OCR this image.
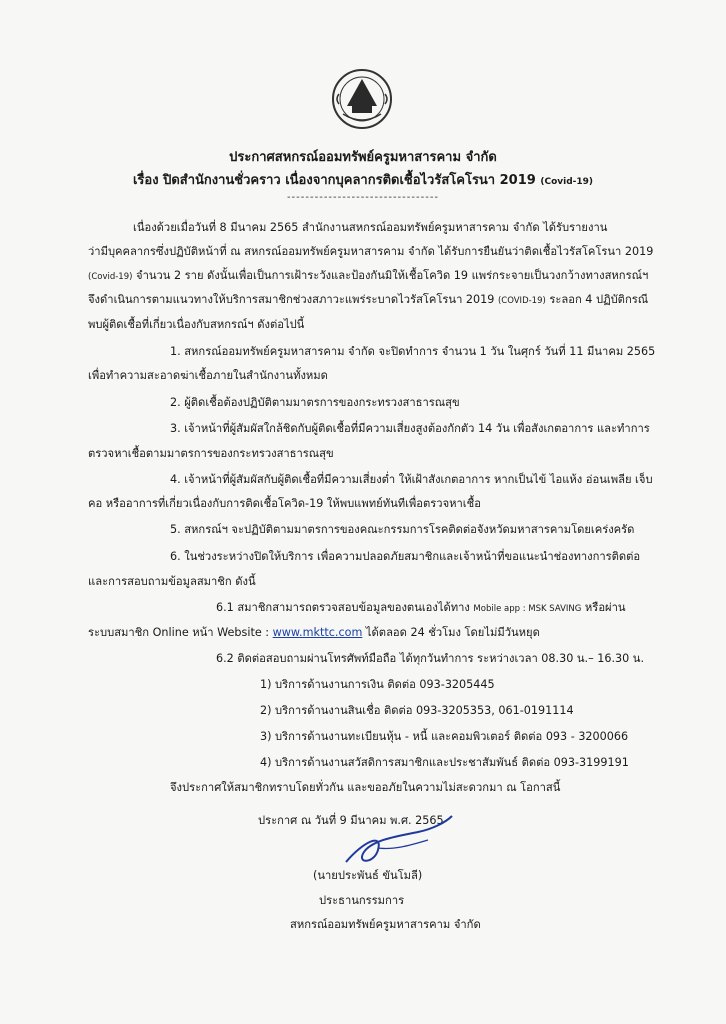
ประกาศสหกรณ์ออมทรัพย์ครูมหาสารคาม จำกัด
เรื่อง ปิดสำนักงานชั่วคราว เนื่องจากบุคลากรติดเชื้อไวรัสโคโรนา 2019 (Covid-19)
---------------------------------
เนื่องด้วยเมื่อวันที่ 8 มีนาคม 2565 สำนักงานสหกรณ์ออมทรัพย์ครูมหาสารคาม จำกัด ได้รับรายงาน
ว่ามีบุคคลากรซึ่งปฏิบัติหน้าที่ ณ สหกรณ์ออมทรัพย์ครูมหาสารคาม จำกัด ได้รับการยืนยันว่าติดเชื้อไวรัสโคโรนา 2019
(Covid-19) จำนวน 2 ราย ดังนั้นเพื่อเป็นการเฝ้าระวังและป้องกันมิให้เชื้อโควิด 19 แพร่กระจายเป็นวงกว้างทางสหกรณ์ฯ
จึงดำเนินการตามแนวทางให้บริการสมาชิกช่วงสภาวะแพร่ระบาดไวรัสโคโรนา 2019 (COVID-19) ระลอก 4 ปฏิบัติกรณี
พบผู้ติดเชื้อที่เกี่ยวเนื่องกับสหกรณ์ฯ ดังต่อไปนี้
1. สหกรณ์ออมทรัพย์ครูมหาสารคาม จำกัด จะปิดทำการ จำนวน 1 วัน ในศุกร์ วันที่ 11 มีนาคม 2565
เพื่อทำความสะอาดฆ่าเชื้อภายในสำนักงานทั้งหมด
2. ผู้ติดเชื้อต้องปฏิบัติตามมาตรการของกระทรวงสาธารณสุข
3. เจ้าหน้าที่ผู้สัมผัสใกล้ชิดกับผู้ติดเชื้อที่มีความเสี่ยงสูงต้องกักตัว 14 วัน เพื่อสังเกตอาการ และทำการ
ตรวจหาเชื้อตามมาตรการของกระทรวงสาธารณสุข
4. เจ้าหน้าที่ผู้สัมผัสกับผู้ติดเชื้อที่มีความเสี่ยงต่ำ ให้เฝ้าสังเกตอาการ หากเป็นไข้ ไอแห้ง อ่อนเพลีย เจ็บ
คอ หรืออาการที่เกี่ยวเนื่องกับการติดเชื้อโควิด-19 ให้พบแพทย์ทันทีเพื่อตรวจหาเชื้อ
5. สหกรณ์ฯ จะปฏิบัติตามมาตรการของคณะกรรมการโรคติดต่อจังหวัดมหาสารคามโดยเคร่งครัด
6. ในช่วงระหว่างปิดให้บริการ เพื่อความปลอดภัยสมาชิกและเจ้าหน้าที่ขอแนะนำช่องทางการติดต่อ
และการสอบถามข้อมูลสมาชิก ดังนี้
6.1 สมาชิกสามารถตรวจสอบข้อมูลของตนเองได้ทาง Mobile app : MSK SAVING หรือผ่าน
ระบบสมาชิก Online หน้า Website : www.mkttc.com ได้ตลอด 24 ชั่วโมง โดยไม่มีวันหยุด
6.2 ติดต่อสอบถามผ่านโทรศัพท์มือถือ ได้ทุกวันทำการ ระหว่างเวลา 08.30 น.– 16.30 น.
1) บริการด้านงานการเงิน ติดต่อ 093-3205445
2) บริการด้านงานสินเชื่อ ติดต่อ 093-3205353, 061-0191114
3) บริการด้านงานทะเบียนหุ้น - หนี้ และคอมพิวเตอร์ ติดต่อ 093 - 3200066
4) บริการด้านงานสวัสดิการสมาชิกและประชาสัมพันธ์ ติดต่อ 093-3199191
จึงประกาศให้สมาชิกทราบโดยทั่วกัน และขออภัยในความไม่สะดวกมา ณ โอกาสนี้
ประกาศ ณ วันที่ 9 มีนาคม พ.ศ. 2565
(นายประพันธ์ ขันโมลี)
ประธานกรรมการ
สหกรณ์ออมทรัพย์ครูมหาสารคาม จำกัด
